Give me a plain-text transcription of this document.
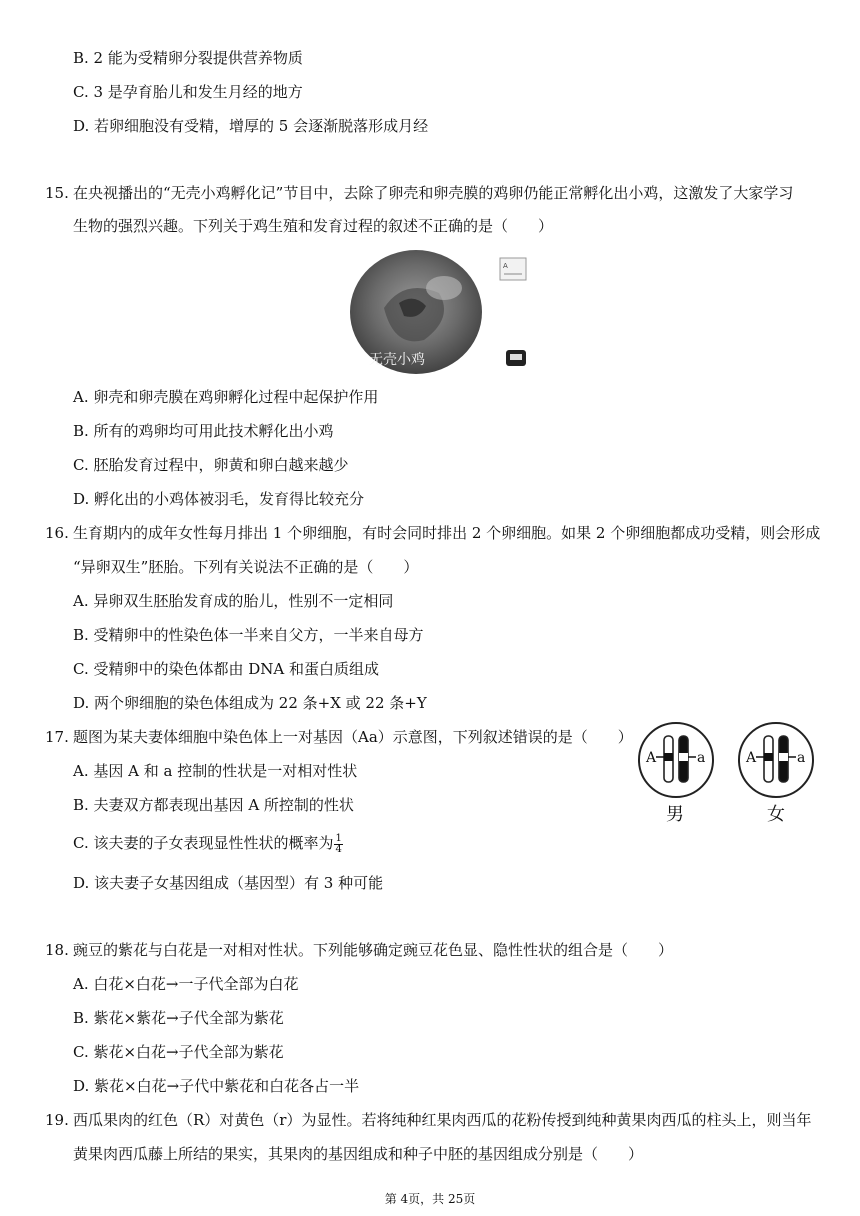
B. 2 能为受精卵分裂提供营养物质
C. 3 是孕育胎儿和发生月经的地方
D. 若卵细胞没有受精，增厚的 5 会逐渐脱落形成月经
15. 在央视播出的“无壳小鸡孵化记”节目中，去除了卵壳和卵壳膜的鸡卵仍能正常孵化出小鸡，这激发了大家学习
生物的强烈兴趣。下列关于鸡生殖和发育过程的叙述不正确的是（　　）
A
无壳小鸡
A. 卵壳和卵壳膜在鸡卵孵化过程中起保护作用
B. 所有的鸡卵均可用此技术孵化出小鸡
C. 胚胎发育过程中，卵黄和卵白越来越少
D. 孵化出的小鸡体被羽毛，发育得比较充分
16. 生育期内的成年女性每月排出 1 个卵细胞，有时会同时排出 2 个卵细胞。如果 2 个卵细胞都成功受精，则会形成
“异卵双生”胚胎。下列有关说法不正确的是（　　）
A. 异卵双生胚胎发育成的胎儿，性别不一定相同
B. 受精卵中的性染色体一半来自父方，一半来自母方
C. 受精卵中的染色体都由 DNA 和蛋白质组成
D. 两个卵细胞的染色体组成为 22 条+X 或 22 条+Y
17. 题图为某夫妻体细胞中染色体上一对基因（Aa）示意图，下列叙述错误的是（　　）
A. 基因 A 和 a 控制的性状是一对相对性状
B. 夫妻双方都表现出基因 A 所控制的性状
C. 该夫妻的子女表现显性性状的概率为 $\frac{1}{4}$
D. 该夫妻子女基因组成（基因型）有 3 种可能
A	a	A	a
男	女
18. 豌豆的紫花与白花是一对相对性状。下列能够确定豌豆花色显、隐性性状的组合是（　　）
A. 白花×白花→一子代全部为白花
B. 紫花×紫花→子代全部为紫花
C. 紫花×白花→子代全部为紫花
D. 紫花×白花→子代中紫花和白花各占一半
19. 西瓜果肉的红色（R）对黄色（r）为显性。若将纯种红果肉西瓜的花粉传授到纯种黄果肉西瓜的柱头上，则当年
黄果肉西瓜藤上所结的果实，其果肉的基因组成和种子中胚的基因组成分别是（　　）
第 4页，共 25页
